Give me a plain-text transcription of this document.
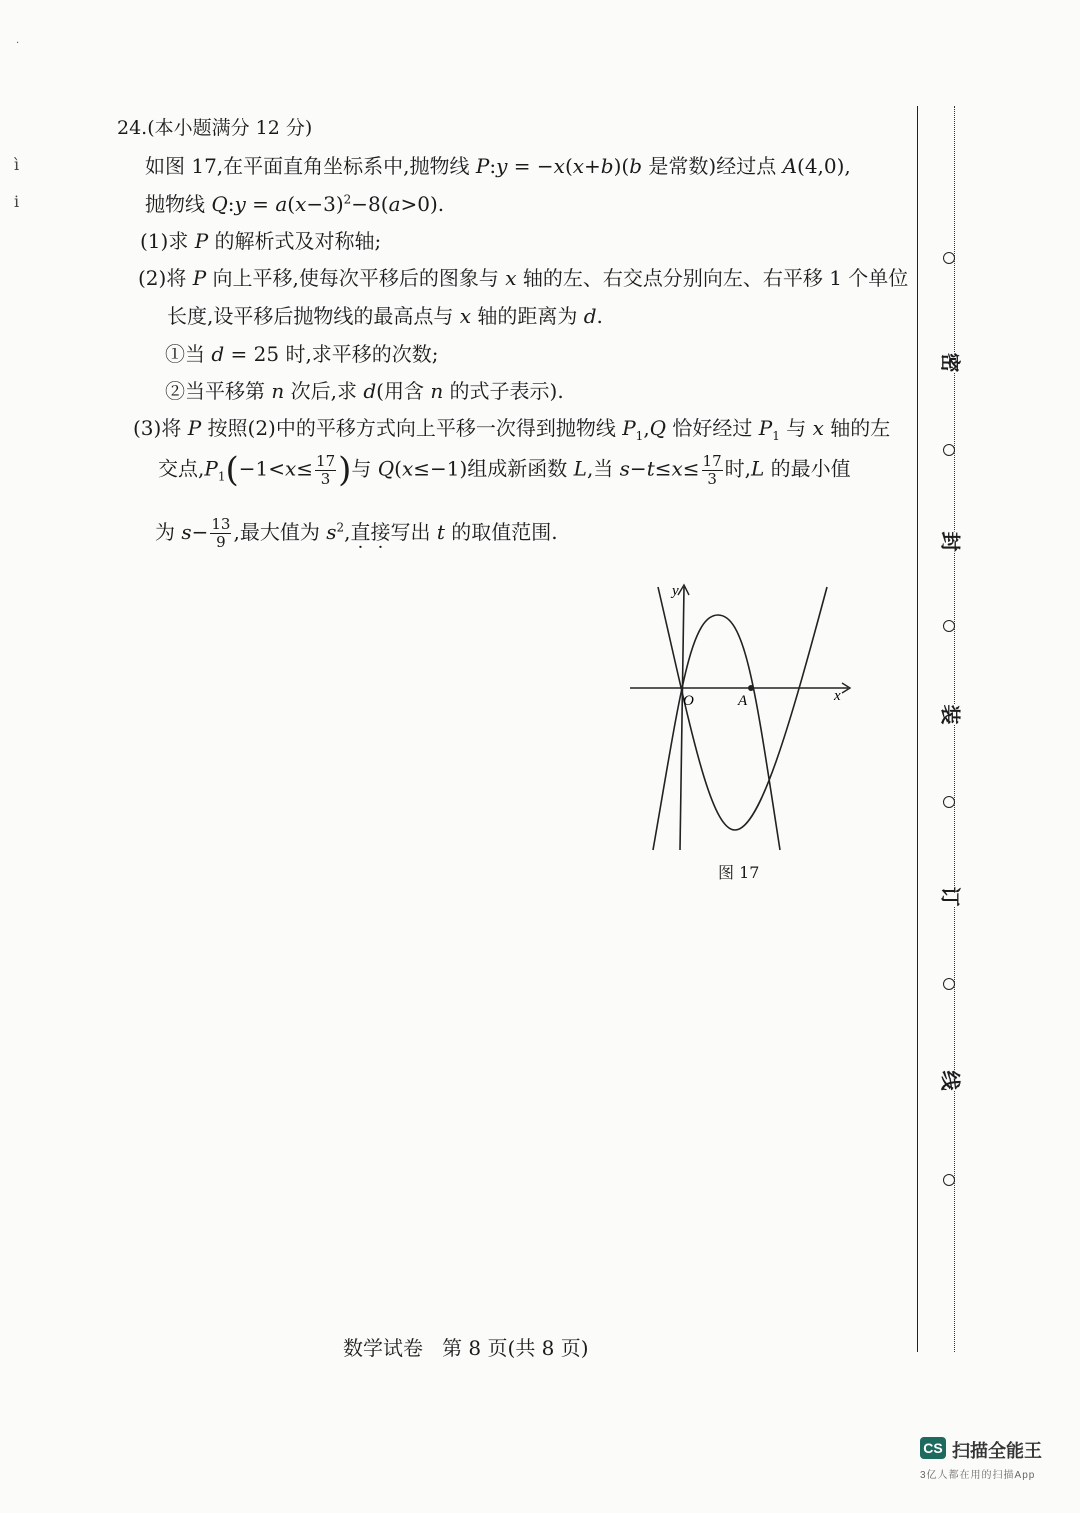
·
ì
i
24.(本小题满分 12 分)
如图 17,在平面直角坐标系中,抛物线 P:y = −x(x+b)(b 是常数)经过点 A(4,0),
抛物线 Q:y = $a(x-3)^2-8(a>0)$.
(1)求 P 的解析式及对称轴;
(2)将 P 向上平移,使每次平移后的图象与 x 轴的左、右交点分别向左、右平移 1 个单位
长度,设平移后抛物线的最高点与 x 轴的距离为 d.
①当 d = 25 时,求平移的次数;
②当平移第 n 次后,求 d(用含 n 的式子表示).
(3)将 P 按照(2)中的平移方式向上平移一次得到抛物线 $P_1,Q$ 恰好经过 $P_1$ 与 x 轴的左
交点$,P_1(-1<x\le \frac{17}{3}$ )与 Q(x≤−1)组成新函数 L,当 $s-t\le x\le \frac{17}{3}$ 时,L 的最小值
为 $s- \frac{13}{9}$ ,最大值为 $s^2$,直接写出 t 的取值范围.
y
x
O	A
图 17
数学试卷   第 8 页(共 8 页)
密
封
装
订
线
CS 扫描全能王
3亿人都在用的扫描App
